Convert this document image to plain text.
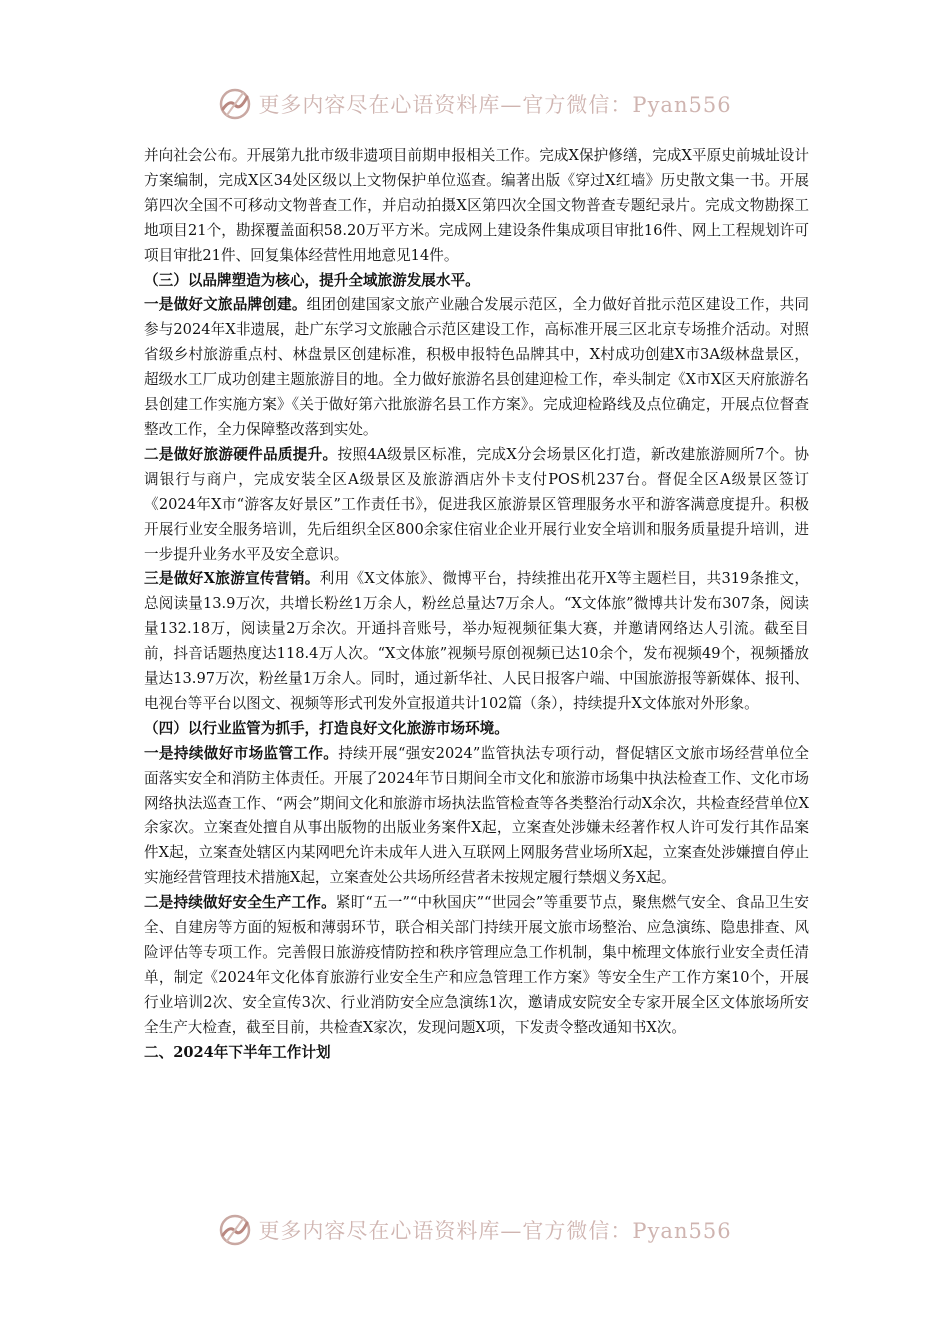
更多内容尽在心语资料库—官方微信：Pyan556

并向社会公布。开展第九批市级非遗项目前期申报相关工作。完成X保护修缮，完成X平原史前城址设计方案编制，完成X区34处区级以上文物保护单位巡查。编著出版《穿过X红墙》历史散文集一书。开展第四次全国不可移动文物普查工作，并启动拍摄X区第四次全国文物普查专题纪录片。完成文物勘探工地项目21个，勘探覆盖面积58.20万平方米。完成网上建设条件集成项目审批16件、网上工程规划许可项目审批21件、回复集体经营性用地意见14件。

（三）以品牌塑造为核心，提升全域旅游发展水平。

一是做好文旅品牌创建。组团创建国家文旅产业融合发展示范区，全力做好首批示范区建设工作，共同参与2024年X非遗展，赴广东学习文旅融合示范区建设工作，高标准开展三区北京专场推介活动。对照省级乡村旅游重点村、林盘景区创建标准，积极申报特色品牌其中，X村成功创建X市3A级林盘景区，超级水工厂成功创建主题旅游目的地。全力做好旅游名县创建迎检工作，牵头制定《X市X区天府旅游名县创建工作实施方案》《关于做好第六批旅游名县工作方案》。完成迎检路线及点位确定，开展点位督查整改工作，全力保障整改落到实处。

二是做好旅游硬件品质提升。按照4A级景区标准，完成X分会场景区化打造，新改建旅游厕所7个。协调银行与商户，完成安装全区A级景区及旅游酒店外卡支付POS机237台。督促全区A级景区签订《2024年X市“游客友好景区”工作责任书》，促进我区旅游景区管理服务水平和游客满意度提升。积极开展行业安全服务培训，先后组织全区800余家住宿业企业开展行业安全培训和服务质量提升培训，进一步提升业务水平及安全意识。

三是做好X旅游宣传营销。利用《X文体旅》、微博平台，持续推出花开X等主题栏目，共319条推文，总阅读量13.9万次，共增长粉丝1万余人，粉丝总量达7万余人。“X文体旅”微博共计发布307条，阅读量132.18万，阅读量2万余次。开通抖音账号，举办短视频征集大赛，并邀请网络达人引流。截至目前，抖音话题热度达118.4万人次。“X文体旅”视频号原创视频已达10余个，发布视频49个，视频播放量达13.97万次，粉丝量1万余人。同时，通过新华社、人民日报客户端、中国旅游报等新媒体、报刊、电视台等平台以图文、视频等形式刊发外宣报道共计102篇（条），持续提升X文体旅对外形象。

（四）以行业监管为抓手，打造良好文化旅游市场环境。

一是持续做好市场监管工作。持续开展“强安2024”监管执法专项行动，督促辖区文旅市场经营单位全面落实安全和消防主体责任。开展了2024年节日期间全市文化和旅游市场集中执法检查工作、文化市场网络执法巡查工作、“两会”期间文化和旅游市场执法监管检查等各类整治行动X余次，共检查经营单位X余家次。立案查处擅自从事出版物的出版业务案件X起，立案查处涉嫌未经著作权人许可发行其作品案件X起，立案查处辖区内某网吧允许未成年人进入互联网上网服务营业场所X起，立案查处涉嫌擅自停止实施经营管理技术措施X起，立案查处公共场所经营者未按规定履行禁烟义务X起。

二是持续做好安全生产工作。紧盯“五一”“中秋国庆”“世园会”等重要节点，聚焦燃气安全、食品卫生安全、自建房等方面的短板和薄弱环节，联合相关部门持续开展文旅市场整治、应急演练、隐患排查、风险评估等专项工作。完善假日旅游疫情防控和秩序管理应急工作机制，集中梳理文体旅行业安全责任清单，制定《2024年文化体育旅游行业安全生产和应急管理工作方案》等安全生产工作方案10个，开展行业培训2次、安全宣传3次、行业消防安全应急演练1次，邀请成安院安全专家开展全区文体旅场所安全生产大检查，截至目前，共检查X家次，发现问题X项，下发责令整改通知书X次。

二、2024年下半年工作计划

更多内容尽在心语资料库—官方微信：Pyan556
